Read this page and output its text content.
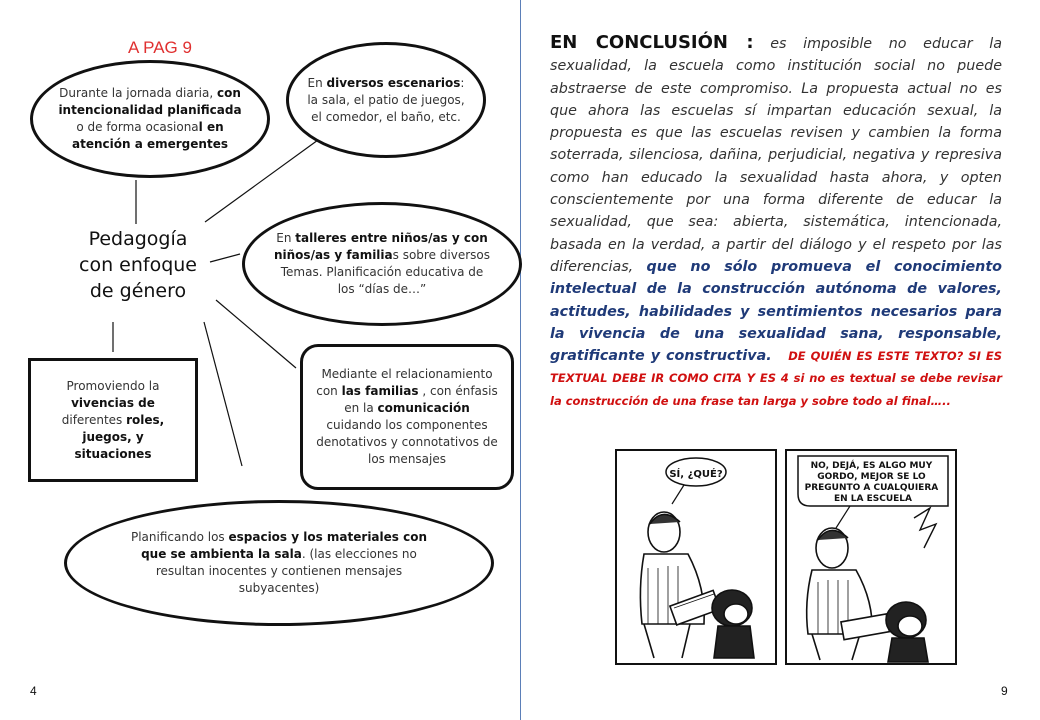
A PAG 9
Durante la jornada diaria, con intencionalidad planificada o de forma ocasional en atención a emergentes
En diversos escenarios: la sala, el patio de juegos, el comedor, el baño, etc.
Pedagogía
con enfoque
de género
En talleres entre niños/as y con niños/as y familias sobre diversos Temas. Planificación educativa de los “días de…”
Promoviendo la vivencias de diferentes roles, juegos, y situaciones
Mediante el relacionamiento con las familias , con énfasis en la comunicación cuidando los componentes denotativos y connotativos de los mensajes
Planificando los espacios y los materiales con que se ambienta la sala. (las elecciones no resultan inocentes y contienen mensajes subyacentes)
4
EN CONCLUSIÓN : es imposible no educar la sexualidad, la escuela como institución social no puede abstraerse de este compromiso. La propuesta actual no es que ahora las escuelas sí impartan educación sexual, la propuesta es que las escuelas revisen y cambien la forma soterrada, silenciosa, dañina, perjudicial, negativa y represiva como han educado la sexualidad hasta ahora, y opten conscientemente por una forma diferente de educar la sexualidad, que sea: abierta, sistemática, intencionada, basada en la verdad, a partir del diálogo y el respeto por las diferencias, que no sólo promueva el conocimiento intelectual de la construcción autónoma de valores, actitudes, habilidades y sentimientos necesarios para la vivencia de una sexualidad sana, responsable, gratificante y constructiva. DE QUIÉN ES ESTE TEXTO? SI ES TEXTUAL DEBE IR COMO CITA Y ES 4 si no es textual se debe revisar la construcción de una frase tan larga y sobre todo al final…..
SÍ, ¿QUÉ?
NO, DEJÁ, ES ALGO MUY GORDO, MEJOR SE LO PREGUNTO A CUALQUIERA EN LA ESCUELA
9
